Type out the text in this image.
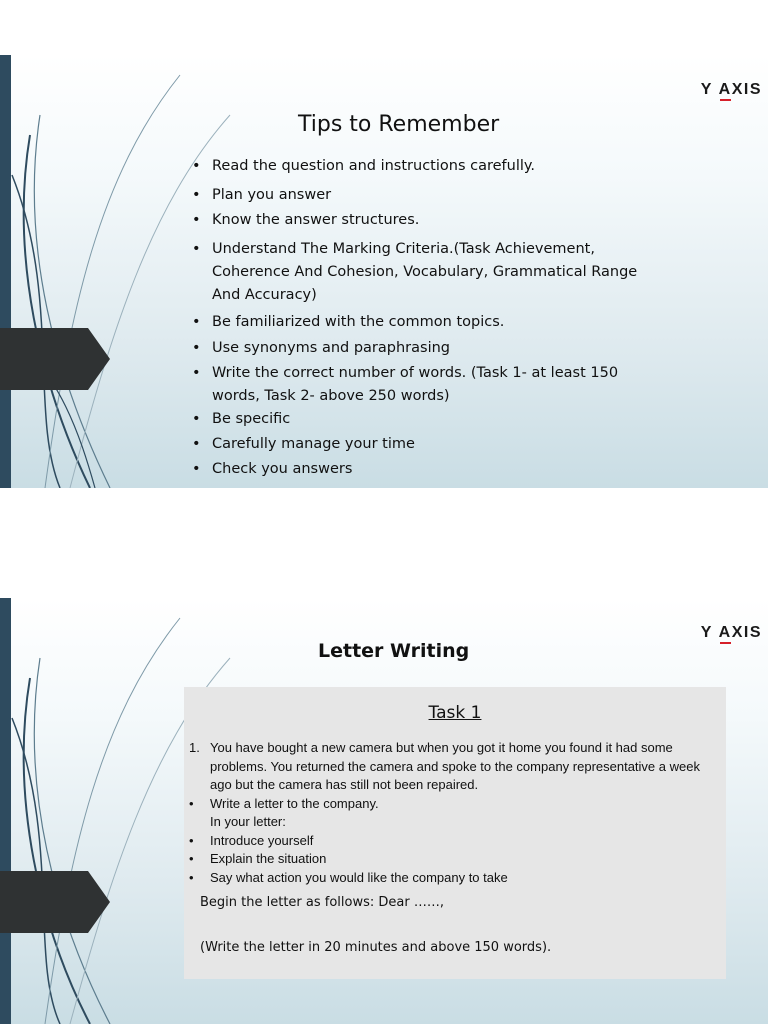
Y AXIS
Tips to Remember
• Read the question and instructions carefully.
• Plan you answer
• Know the answer structures.
• Understand The Marking Criteria.(Task Achievement, Coherence And Cohesion, Vocabulary, Grammatical Range And Accuracy)
• Be familiarized with the common topics.
• Use synonyms and paraphrasing
• Write the correct number of words. (Task 1- at least 150 words, Task 2- above 250 words)
• Be specific
• Carefully manage your time
• Check you answers
Y AXIS
Letter Writing
Task 1
1. You have bought a new camera but when you got it home you found it had some problems. You returned the camera and spoke to the company representative a week ago but the camera has still not been repaired.
• Write a letter to the company.
In your letter:
• Introduce yourself
• Explain the situation
• Say what action you would like the company to take
Begin the letter as follows: Dear ……,
(Write the letter in 20 minutes and above 150 words).
